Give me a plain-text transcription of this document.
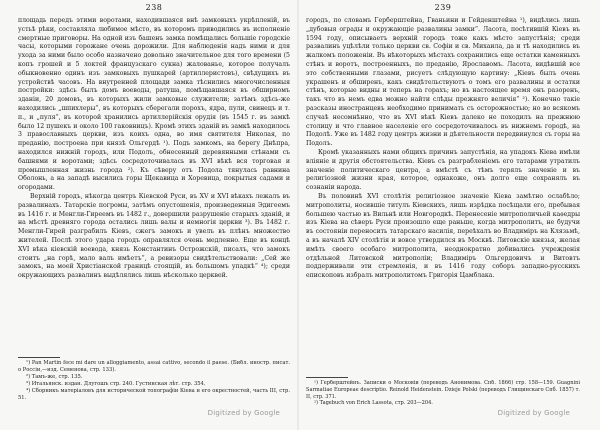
238

площадь передъ этими воротами, находившаяся внѣ замковыхъ укрѣпленій, въ устьѣ рѣки, составляла любимое мѣсто, въ которомъ приводились въ исполненіе смертные приговоры. На одной изъ башенъ замка помѣщались большіе городскіе часы, которыми горожане очень дорожили. Для наблюденія надъ ними и для ухода за ними было особо назначено довольно значительное для того времени (5 копъ грошей и 5 локтей французскаго сукна) жалованье, которое получалъ обыкновенно одинъ изъ замковыхъ пушкарей (артиллеристовъ), свѣдущихъ въ устройствѣ часовъ. На внутренней площади замка тѣснились многочисленныя постройки: здѣсь былъ домъ воеводы, ратуша, помѣщавшаяся въ обширномъ зданіи, 20 домовъ, въ которыхъ жили замковые служители; затѣмъ здѣсь-же находились „шпихлеры“, въ которыхъ сберегали порохъ, ядра, пули, свинецъ и т. п., и „пуля“, въ которой хранились артиллерійскія орудія (въ 1545 г. въ замкѣ было 12 пушекъ и около 100 гаковницъ). Кромѣ этихъ зданій въ замкѣ находилось 3 православныхъ церкви, изъ коихъ одна, во имя святителя Николая, по преданію, построена при князѣ Ольгердѣ ¹). Подъ замкомъ, на берегу Днѣпра, находился нижній городъ, или Подолъ, обнесенный деревянными стѣнами съ башнями и воротами; здѣсь сосредоточивалась въ XVI вѣкѣ вся торговая и промышленная жизнь города ²). Къ сѣверу отъ Подола тянулась равнина Оболонь, а на западѣ высились горы Щекавица и Хоревица, покрытыя садами и огородами.

Верхній городъ, нѣкогда центръ Кіевской Руси, въ XV и XVI вѣкахъ лежалъ въ развалинахъ. Татарскіе погромы, затѣмъ опустошенія, произведенныя Эдигеемъ въ 1416 г. и Менгли-Гиреемъ въ 1482 г., довершили разрушеніе старыхъ зданій, и на мѣстѣ древняго города остались лишь валы и немногія церкви ³). Въ 1482 г. Менгли-Гирей разграбилъ Кіевъ, сжегъ замокъ и увелъ въ плѣнъ множество жителей. Послѣ этого удара городъ оправлялся очень медленно. Еще въ концѣ XVI вѣка кіевскій воевода, князь Константинъ Острожскій, писалъ, что замокъ стоитъ „на горѣ, мало валъ имѣетъ“, а ревизоры свидѣтельствовали: „Сей же замокъ, на моей Христіанской границѣ стоящій, въ большомъ упадкѣ“ ⁴); среди окружающихъ развалинъ выдѣлялись лишь нѣсколько церквей.

¹) Pan Martin fece mi dare un alloggiamento, assai cattivo, secondo il paese. (Библ. иностр. писат. о Россіи,—изд. Семенова, стр. 133).

²) Тамъ-же, стр. 135.

³) Итальянск. издан. Длугошъ стр. 240. Густинская лѣт. стр. 354.

⁴) Сборникъ матеріаловъ для исторической топографіи Кіева и его окрестностей, часть III, стр. 51.

Digitized by Google
239

городъ, по словамъ Герберштейна, Гваньини и Гейденштейна ¹), видѣлись лишь „дубовыя ограды и окружающіе развалины замки“. Ласота, посѣтившій Кіевъ въ 1594 году, описываетъ верхній городъ тоже какъ мѣсто запустѣнія; среди развалинъ уцѣлѣли только церкви св. Софіи и св. Михаила, да и тѣ находились въ жалкомъ положеніи. Въ нѣкоторыхъ мѣстахъ сохранились еще остатки каменныхъ стѣнъ и воротъ, построенныхъ, по преданію, Ярославомъ. Ласота, видѣвшій все это собственными глазами, рисуетъ слѣдующую картину: „Кіевъ былъ очень украшенъ и обширенъ, какъ свидѣтельствуютъ о томъ его развалины и остатки стѣнъ, которые видны и теперь на горахъ; но въ настоящее время онъ разоренъ, такъ что въ немъ едва можно найти слѣды прежняго величія“ ²). Конечно такіе разсказы иностранцевъ необходимо принимать съ осторожностью; но во всякомъ случаѣ несомнѣнно, что въ XVI вѣкѣ Кіевъ далеко не походилъ на прежнюю столицу и что главное населеніе его сосредоточивалось въ нижнемъ городѣ, на Подолѣ. Уже въ 1482 году центръ жизни и дѣятельности передвинулся съ горы на Подолъ.

Кромѣ указанныхъ нами общихъ причинъ запустѣнія, на упадокъ Кіева имѣли вліяніе и другія обстоятельства. Кіевъ съ разграбленіемъ его татарами утратилъ значеніе политическаго центра, а вмѣстѣ съ тѣмъ терялъ значеніе и въ религіозной жизни края, которое, однакоже, онъ долго еще сохранялъ въ сознаніи народа.

Въ половинѣ XVI столѣтія религіозное значеніе Кіева замѣтно ослабѣло; митрополиты, носившіе титулъ Кіевскихъ, лишь изрѣдка посѣщали его, пребывая большею частью въ Вильнѣ или Новгородкѣ. Перенесеніе митрополичьей каѳедры изъ Кіева на сѣверъ Руси произошло еще раньше, когда митрополитъ, не будучи въ состояніи переносить татарскаго насилія, переѣхалъ во Владиміръ на Клязьмѣ, а въ началѣ XIV столѣтія и вовсе утвердился въ Москвѣ. Литовскіе князья, желая имѣть своего особаго митрополита, неоднократно добивались учрежденія отдѣльной Литовской митрополіи; Владиміръ Ольгердовичъ и Витовтъ поддерживали эти стремленія, и въ 1416 году соборъ западно-русскихъ епископовъ избралъ митрополитомъ Григорія Цамблака.

¹) Герберштейнъ. Записки о Московіи (переводъ Анонимова. Спб. 1866) стр. 158—159. Guagnini Sarmatiae Europeae descriptio. Reinold Heidenstein. Dzieje Polski (переводъ Глищинскаго Спб. 1857) т. II, стр. 371.

²) Tagebuch von Erich Lassota, стр. 203—204.

Digitized by Google
